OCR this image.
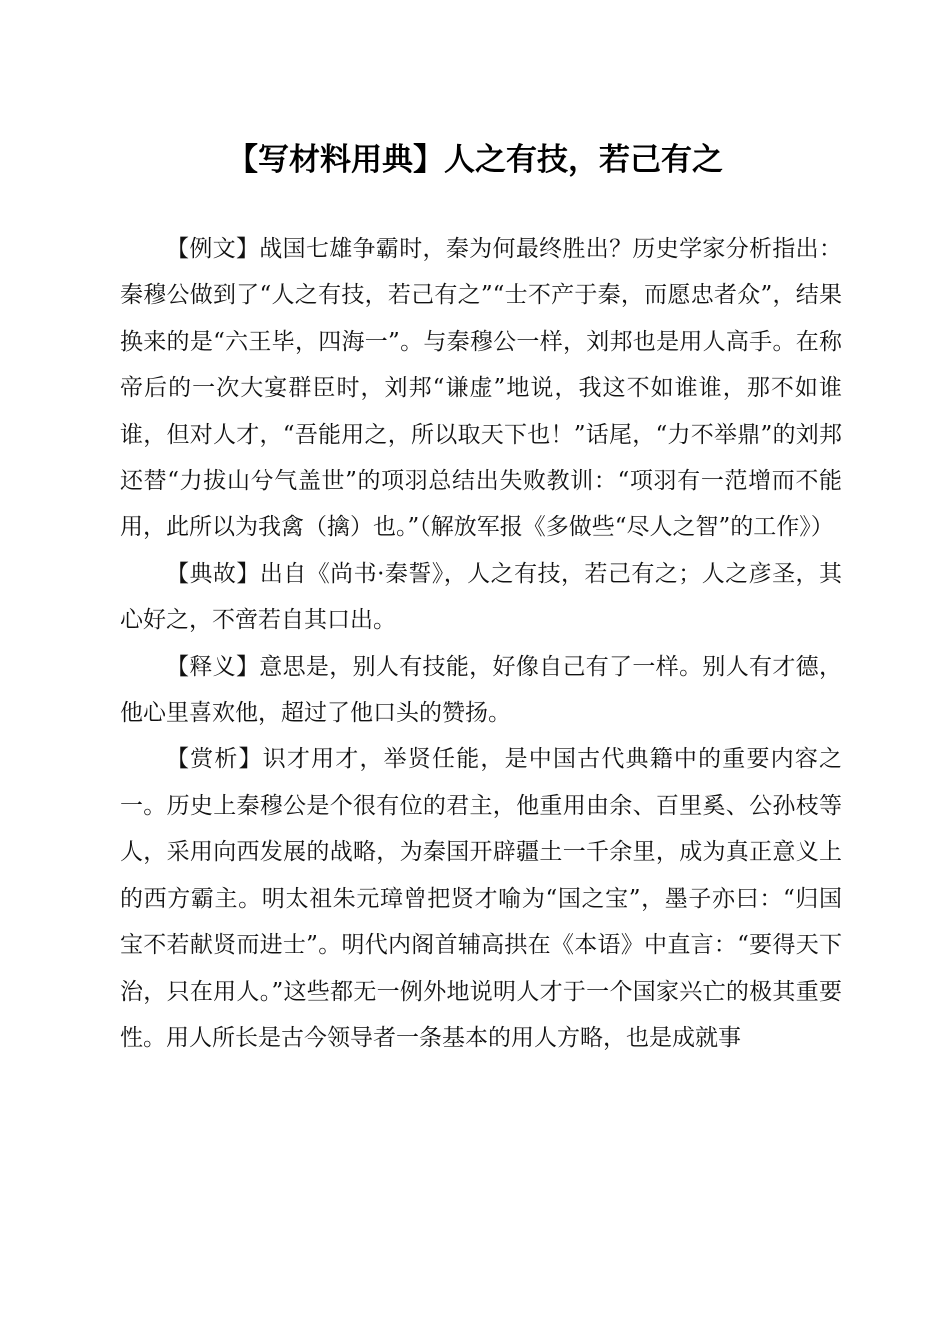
【写材料用典】人之有技，若己有之

【例文】战国七雄争霸时，秦为何最终胜出？历史学家分析指出：秦穆公做到了“人之有技，若己有之”“士不产于秦，而愿忠者众”，结果换来的是“六王毕，四海一”。与秦穆公一样，刘邦也是用人高手。在称帝后的一次大宴群臣时，刘邦“谦虚”地说，我这不如谁谁，那不如谁谁，但对人才，“吾能用之，所以取天下也！”话尾，“力不举鼎”的刘邦还替“力拔山兮气盖世”的项羽总结出失败教训：“项羽有一范增而不能用，此所以为我禽（擒）也。”（解放军报《多做些“尽人之智”的工作》）

【典故】出自《尚书·秦誓》，人之有技，若己有之；人之彦圣，其心好之，不啻若自其口出。

【释义】意思是，别人有技能，好像自己有了一样。别人有才德，他心里喜欢他，超过了他口头的赞扬。

【赏析】识才用才，举贤任能，是中国古代典籍中的重要内容之一。历史上秦穆公是个很有位的君主，他重用由余、百里奚、公孙枝等人，采用向西发展的战略，为秦国开辟疆土一千余里，成为真正意义上的西方霸主。明太祖朱元璋曾把贤才喻为“国之宝”，墨子亦曰：“归国宝不若献贤而进士”。明代内阁首辅高拱在《本语》中直言：“要得天下治，只在用人。”这些都无一例外地说明人才于一个国家兴亡的极其重要性。用人所长是古今领导者一条基本的用人方略，也是成就事
